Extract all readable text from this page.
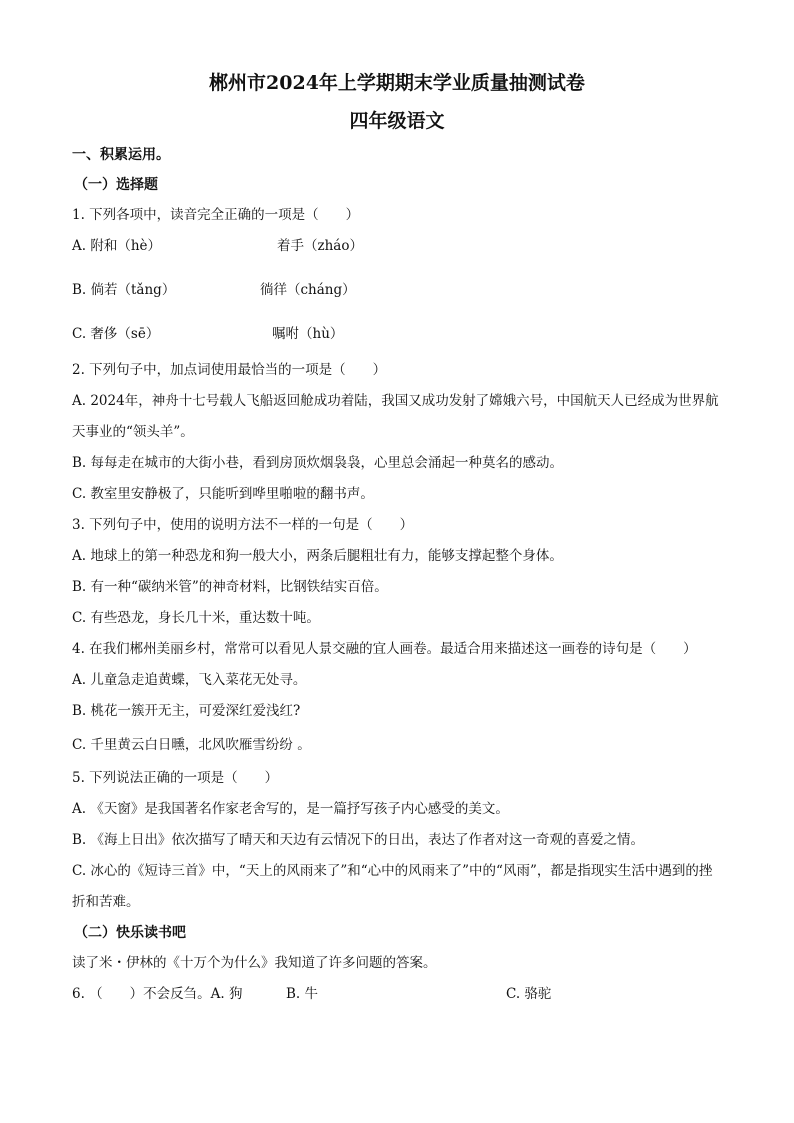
郴州市2024年上学期期末学业质量抽测试卷

四年级语文

一、积累运用。

（一）选择题

1. 下列各项中，读音完全正确的一项是（　　）

A. 附和（hè）	着手（zháo）
B. 倘若（tǎng）	徜徉（cháng）
C. 奢侈（sē）	嘱咐（hù）

2. 下列句子中，加点词使用最恰当的一项是（　　）

A. 2024年，神舟十七号载人飞船返回舱成功着陆，我国又成功发射了嫦娥六号，中国航天人已经成为世界航天事业的“领头羊”。

B. 每每走在城市的大街小巷，看到房顶炊烟袅袅，心里总会涌起一种莫名的感动。

C. 教室里安静极了，只能听到哗里啪啦的翻书声。

3. 下列句子中，使用的说明方法不一样的一句是（　　）

A. 地球上的第一种恐龙和狗一般大小，两条后腿粗壮有力，能够支撑起整个身体。

B. 有一种“碳纳米管”的神奇材料，比钢铁结实百倍。

C. 有些恐龙，身长几十米，重达数十吨。

4. 在我们郴州美丽乡村，常常可以看见人景交融的宜人画卷。最适合用来描述这一画卷的诗句是（　　）

A. 儿童急走追黄蝶，飞入菜花无处寻。

B. 桃花一簇开无主，可爱深红爱浅红?

C. 千里黄云白日曛，北风吹雁雪纷纷 。

5. 下列说法正确的一项是（　　）

A. 《天窗》是我国著名作家老舍写的，是一篇抒写孩子内心感受的美文。

B. 《海上日出》依次描写了晴天和天边有云情况下的日出，表达了作者对这一奇观的喜爱之情。

C. 冰心的《短诗三首》中，“天上的风雨来了”和“心中的风雨来了”中的“风雨”，都是指现实生活中遇到的挫折和苦难。

（二）快乐读书吧

读了米・伊林的《十万个为什么》我知道了许多问题的答案。

6. （　　）不会反刍。A. 狗	B. 牛	C. 骆驼
